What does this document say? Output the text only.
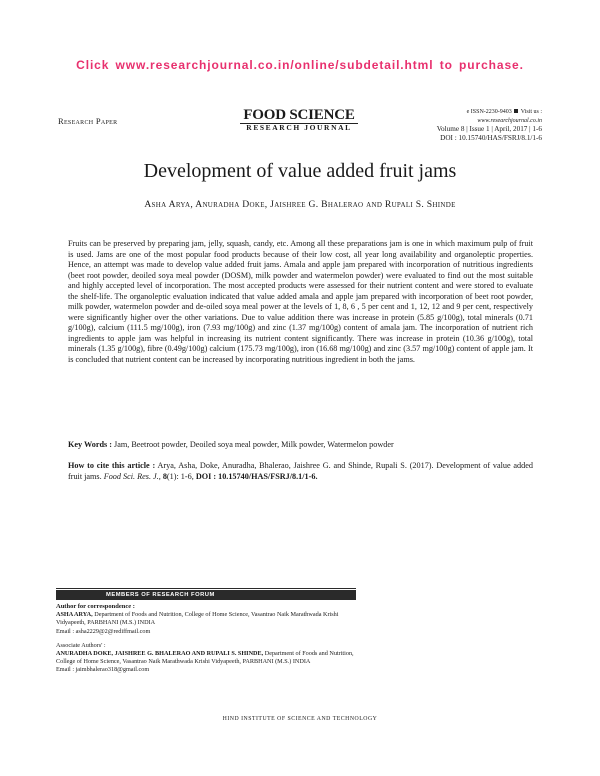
Click www.researchjournal.co.in/online/subdetail.html to purchase.
Research Paper	FOOD SCIENCE
RESEARCH JOURNAL
e ISSN-2230-9403 Visit us :
www.researchjournal.co.in
Volume 8 | Issue 1 | April, 2017 | 1-6
DOI : 10.15740/HAS/FSRJ/8.1/1-6
Development of value added fruit jams
Asha Arya, Anuradha Doke, Jaishree G. Bhalerao and Rupali S. Shinde
Fruits can be preserved by preparing jam, jelly, squash, candy, etc. Among all these preparations jam is one in which maximum pulp of fruit is used. Jams are one of the most popular food products because of their low cost, all year long availability and organoleptic properties. Hence, an attempt was made to develop value added fruit jams. Amala and apple jam prepared with incorporation of nutritious ingredients (beet root powder, deoiled soya meal powder (DOSM), milk powder and watermelon powder) were evaluated to find out the most suitable and highly accepted level of incorporation. The most accepted products were assessed for their nutrient content and were stored to evaluate the shelf-life. The organoleptic evaluation indicated that value added amala and apple jam prepared with incorporation of beet root powder, milk powder, watermelon powder and de-oiled soya meal power at the levels of 1, 8, 6 , 5 per cent and 1, 12, 12 and 9 per cent, respectively were significantly higher over the other variations. Due to value addition there was increase in protein (5.85 g/100g), total minerals (0.71 g/100g), calcium (111.5 mg/100g), iron (7.93 mg/100g) and zinc (1.37 mg/100g) content of amala jam. The incorporation of nutrient rich ingredients to apple jam was helpful in increasing its nutrient content significantly. There was increase in protein (10.36 g/100g), total minerals (1.35 g/100g), fibre (0.49g/100g) calcium (175.73 mg/100g), iron (16.68 mg/100g) and zinc (3.57 mg/100g) content of apple jam. It is concluded that nutrient content can be increased by incorporating nutritious ingredient in both the jams.
Key Words : Jam, Beetroot powder, Deoiled soya meal powder, Milk powder, Watermelon powder
How to cite this article : Arya, Asha, Doke, Anuradha, Bhalerao, Jaishree G. and Shinde, Rupali S. (2017). Development of value added fruit jams. Food Sci. Res. J., 8(1): 1-6, DOI : 10.15740/HAS/FSRJ/8.1/1-6.
MEMBERS OF RESEARCH FORUM
Author for correspondence :
ASHA ARYA, Department of Foods and Nutrition, College of Home Science, Vasantrao Naik Marathwada Krishi Vidyapeeth, PARBHANI (M.S.) INDIA
Email : asha2229@2@rediffmail.com
Associate Authors' :
ANURADHA DOKE, JAISHREE G. BHALERAO AND RUPALI S. SHINDE, Department of Foods and Nutrition, College of Home Science, Vasantrao Naik Marathwada Krishi Vidyapeeth, PARBHANI (M.S.) INDIA
Email : jaimbhalerao318@gmail.com
HIND INSTITUTE OF SCIENCE AND TECHNOLOGY
